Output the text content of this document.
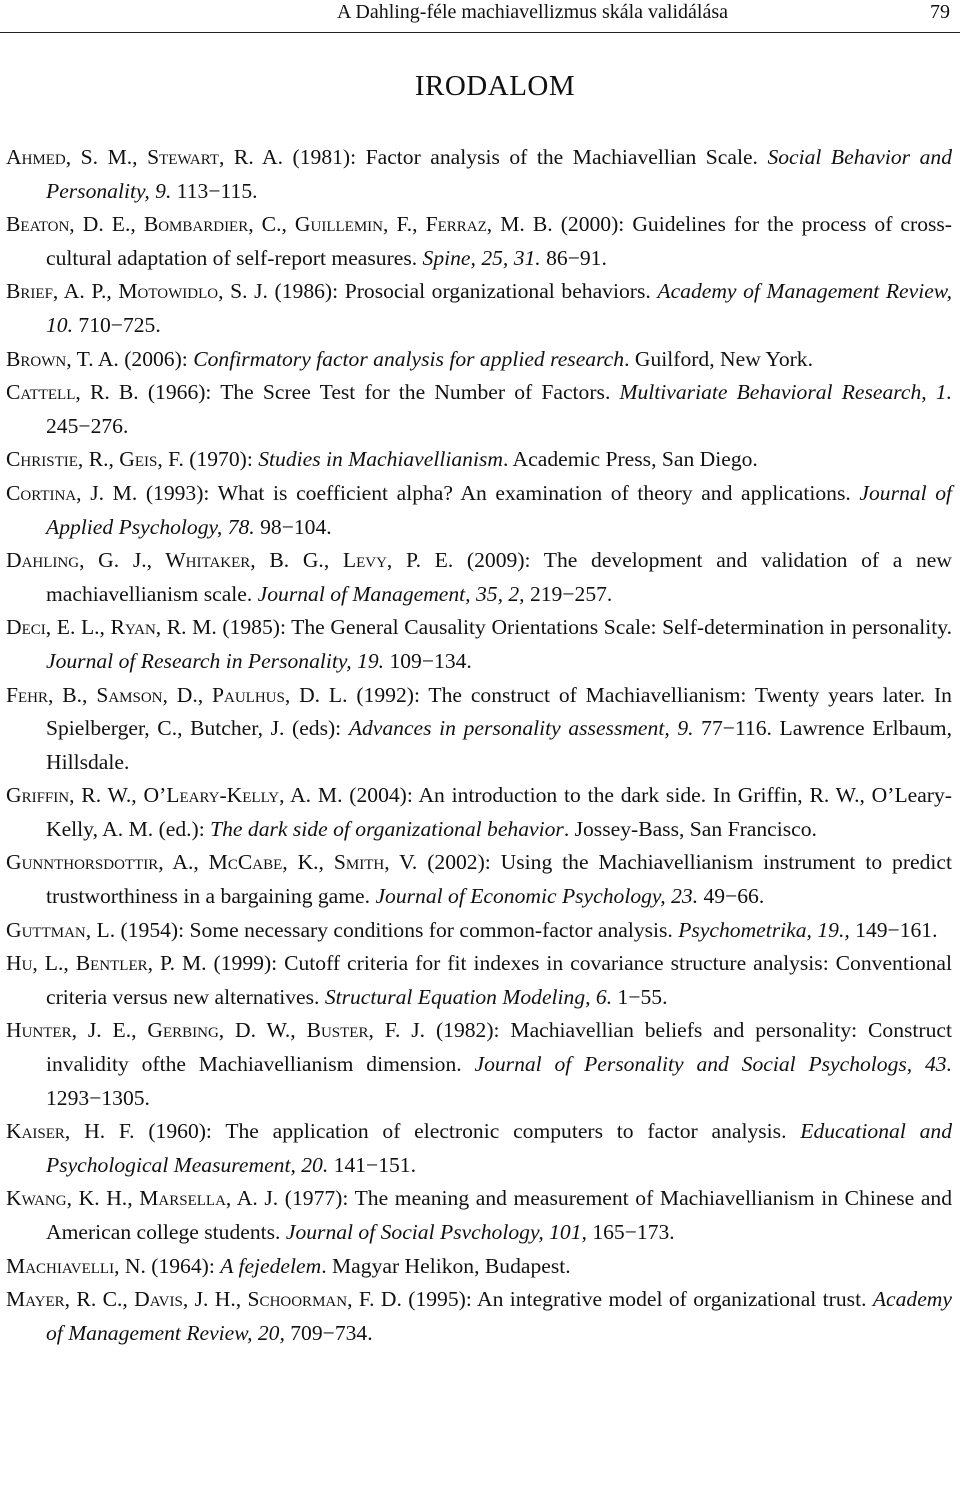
A Dahling-féle machiavellizmus skála validálása	79
IRODALOM

Ahmed, S. M., Stewart, R. A. (1981): Factor analysis of the Machiavellian Scale. Social Behavior and Personality, 9. 113−115.

Beaton, D. E., Bombardier, C., Guillemin, F., Ferraz, M. B. (2000): Guidelines for the process of cross-cultural adaptation of self-report measures. Spine, 25, 31. 86−91.

Brief, A. P., Motowidlo, S. J. (1986): Prosocial organizational behaviors. Academy of Management Review, 10. 710−725.

Brown, T. A. (2006): Confirmatory factor analysis for applied research. Guilford, New York.

Cattell, R. B. (1966): The Scree Test for the Number of Factors. Multivariate Behavioral Research, 1. 245−276.

Christie, R., Geis, F. (1970): Studies in Machiavellianism. Academic Press, San Diego.

Cortina, J. M. (1993): What is coefficient alpha? An examination of theory and applications. Journal of Applied Psychology, 78. 98−104.

Dahling, G. J., Whitaker, B. G., Levy, P. E. (2009): The development and validation of a new machiavellianism scale. Journal of Management, 35, 2, 219−257.

Deci, E. L., Ryan, R. M. (1985): The General Causality Orientations Scale: Self-determination in personality. Journal of Research in Personality, 19. 109−134.

Fehr, B., Samson, D., Paulhus, D. L. (1992): The construct of Machiavellianism: Twenty years later. In Spielberger, C., Butcher, J. (eds): Advances in personality assessment, 9. 77−116. Lawrence Erlbaum, Hillsdale.

Griffin, R. W., O’Leary-Kelly, A. M. (2004): An introduction to the dark side. In Griffin, R. W., O’Leary-Kelly, A. M. (ed.): The dark side of organizational behavior. Jossey-Bass, San Francisco.

Gunnthorsdottir, A., McCabe, K., Smith, V. (2002): Using the Machiavellianism instrument to predict trustworthiness in a bargaining game. Journal of Economic Psychology, 23. 49−66.

Guttman, L. (1954): Some necessary conditions for common-factor analysis. Psychometrika, 19., 149−161.

Hu, L., Bentler, P. M. (1999): Cutoff criteria for fit indexes in covariance structure analysis: Conventional criteria versus new alternatives. Structural Equation Modeling, 6. 1−55.

Hunter, J. E., Gerbing, D. W., Buster, F. J. (1982): Machiavellian beliefs and personality: Construct invalidity ofthe Machiavellianism dimension. Journal of Personality and Social Psychologs, 43. 1293−1305.

Kaiser, H. F. (1960): The application of electronic computers to factor analysis. Educational and Psychological Measurement, 20. 141−151.

Kwang, K. H., Marsella, A. J. (1977): The meaning and measurement of Machiavellianism in Chinese and American college students. Journal of Social Psvchology, 101, 165−173.

Machiavelli, N. (1964): A fejedelem. Magyar Helikon, Budapest.

Mayer, R. C., Davis, J. H., Schoorman, F. D. (1995): An integrative model of organizational trust. Academy of Management Review, 20, 709−734.
